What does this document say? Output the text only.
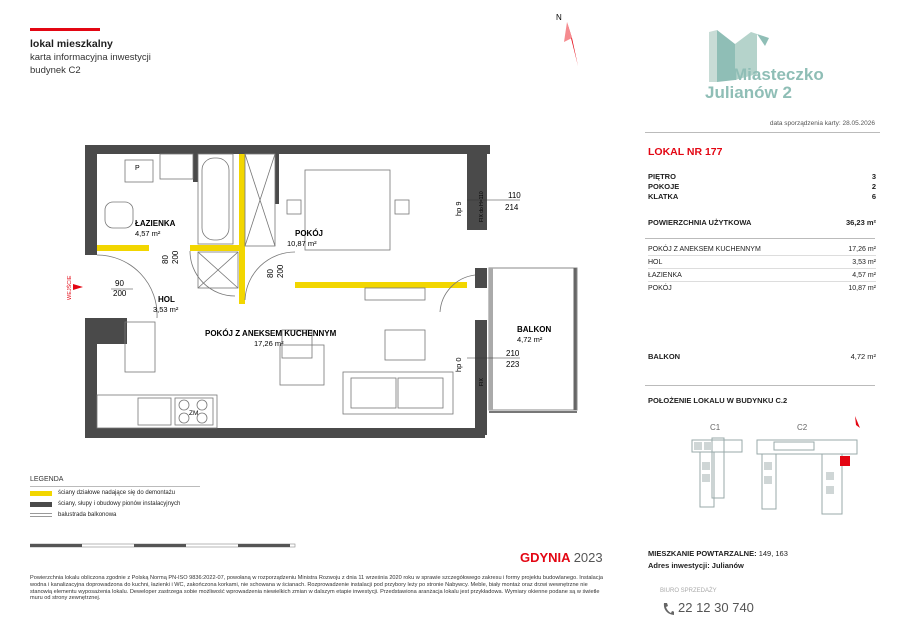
lokal mieszkalny
karta informacyjna inwestycji
budynek C2
N
Miasteczko
Julianów 2
data sporządzenia karty: 28.05.2026
LOKAL NR 177
PIĘTRO	3
POKOJE	2
KLATKA	6
POWIERZCHNIA UŻYTKOWA	36,23 m²
POKÓJ Z ANEKSEM KUCHENNYM	17,26 m²
HOL	3,53 m²
ŁAZIENKA	4,57 m²
POKÓJ	10,87 m²
BALKON	4,72 m²
POŁOŻENIE LOKALU W BUDYNKU C.2
C1	C2
MIESZKANIE POWTARZALNE: 149, 163
Adres inwestycji: Julianów
BIURO SPRZEDAŻY
22 12 30 740
ŁAZIENKA
4,57 m²	POKÓJ
10,87 m²
HOL
3,53 m²
POKÓJ Z ANEKSEM KUCHENNYM
17,26 m²
BALKON
4,72 m²
P
ZM
90
200
80 200
80 200
110
214
210
223
hp 9
hp 0
FIX do H=110
FIX
WEJŚCIE
LEGENDA
ściany działowe nadające się do demontażu
ściany, słupy i obudowy pionów instalacyjnych
balustrada balkonowa
GDYNIA 2023
Powierzchnia lokalu obliczona zgodnie z Polską Normą PN-ISO 9836:2022-07, powołaną w rozporządzeniu Ministra Rozwoju z dnia 11 września 2020 roku w sprawie szczegółowego zakresu i formy projektu budowlanego. Instalacja wodna i kanalizacyjna doprowadzona do kuchni, łazienki i WC, zakończona korkami, nie schowana w ścianach. Rozprowadzenie instalacji pod przybory leży po stronie Nabywcy. Meble, biały montaż oraz drzwi wewnętrzne nie stanowią elementu wyposażenia lokalu. Deweloper zastrzega sobie możliwość wprowadzenia niewielkich zmian w dalszym etapie inwestycji. Przedstawiona aranżacja lokalu jest przykładowa. Wymiary okienne podane są w świetle muru od strony zewnętrznej.
